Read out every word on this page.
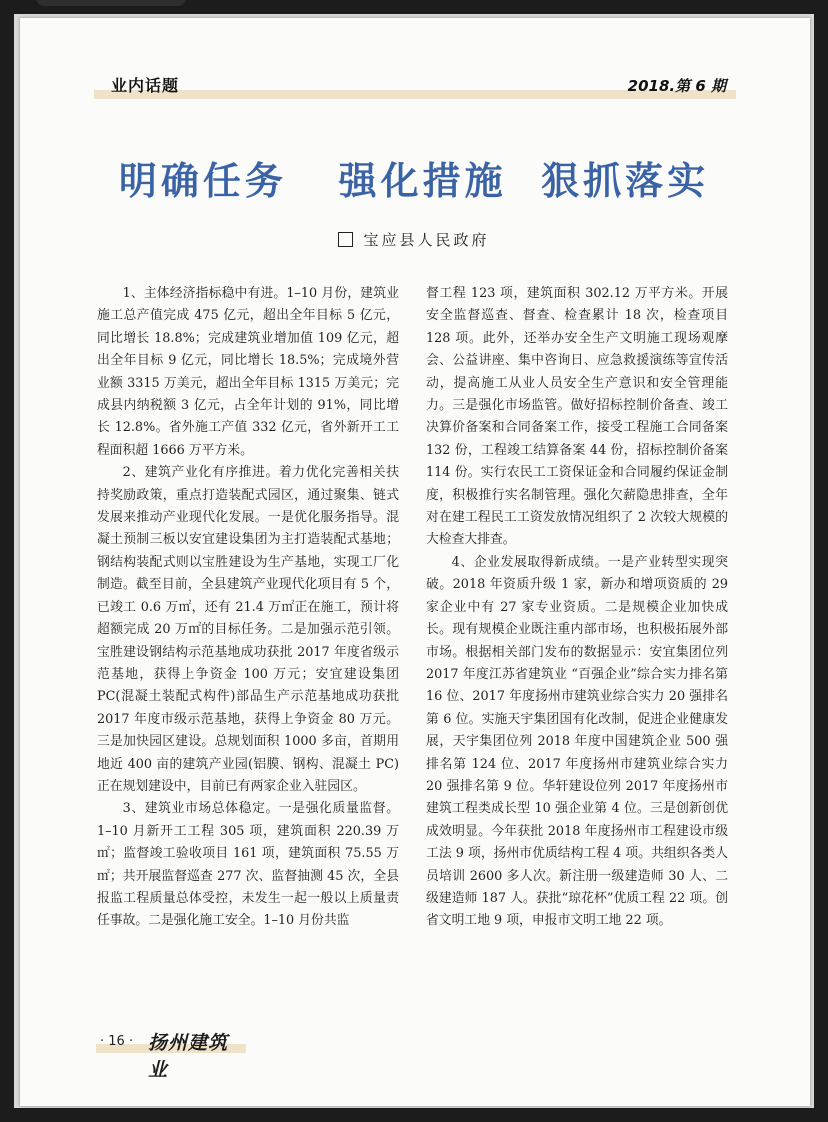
业内话题	2018.第 6 期
明确任务   强化措施  狠抓落实
宝应县人民政府

1、主体经济指标稳中有进。1–10 月份，建筑业施工总产值完成 475 亿元，超出全年目标 5 亿元，同比增长 18.8%；完成建筑业增加值 109 亿元，超出全年目标 9 亿元，同比增长 18.5%；完成境外营业额 3315 万美元，超出全年目标 1315 万美元；完成县内纳税额 3 亿元，占全年计划的 91%，同比增长 12.8%。省外施工产值 332 亿元，省外新开工工程面积超 1666 万平方米。

2、建筑产业化有序推进。着力优化完善相关扶持奖励政策，重点打造装配式园区，通过聚集、链式发展来推动产业现代化发展。一是优化服务指导。混凝土预制三板以安宜建设集团为主打造装配式基地；钢结构装配式则以宝胜建设为生产基地，实现工厂化制造。截至目前，全县建筑产业现代化项目有 5 个，已竣工 0.6 万㎡，还有 21.4 万㎡正在施工，预计将超额完成 20 万㎡的目标任务。二是加强示范引领。宝胜建设钢结构示范基地成功获批 2017 年度省级示范基地，获得上争资金 100 万元；安宜建设集团 PC(混凝土装配式构件)部品生产示范基地成功获批 2017 年度市级示范基地，获得上争资金 80 万元。三是加快园区建设。总规划面积 1000 多亩，首期用地近 400 亩的建筑产业园(铝膜、钢构、混凝土 PC)正在规划建设中，目前已有两家企业入驻园区。

3、建筑业市场总体稳定。一是强化质量监督。1–10 月新开工工程 305 项，建筑面积 220.39 万㎡；监督竣工验收项目 161 项，建筑面积 75.55 万㎡；共开展监督巡查 277 次、监督抽测 45 次，全县报监工程质量总体受控，未发生一起一般以上质量责任事故。二是强化施工安全。1–10 月份共监

督工程 123 项，建筑面积 302.12 万平方米。开展安全监督巡查、督查、检查累计 18 次，检查项目 128 项。此外，还举办安全生产文明施工现场观摩会、公益讲座、集中咨询日、应急救援演练等宣传活动，提高施工从业人员安全生产意识和安全管理能力。三是强化市场监管。做好招标控制价备查、竣工决算价备案和合同备案工作，接受工程施工合同备案 132 份，工程竣工结算备案 44 份，招标控制价备案 114 份。实行农民工工资保证金和合同履约保证金制度，积极推行实名制管理。强化欠薪隐患排查，全年对在建工程民工工资发放情况组织了 2 次较大规模的大检查大排查。

4、企业发展取得新成绩。一是产业转型实现突破。2018 年资质升级 1 家，新办和增项资质的 29 家企业中有 27 家专业资质。二是规模企业加快成长。现有规模企业既注重内部市场，也积极拓展外部市场。根据相关部门发布的数据显示：安宜集团位列 2017 年度江苏省建筑业 “百强企业”综合实力排名第 16 位、2017 年度扬州市建筑业综合实力 20 强排名第 6 位。实施天宇集团国有化改制，促进企业健康发展，天宇集团位列 2018 年度中国建筑企业 500 强排名第 124 位、2017 年度扬州市建筑业综合实力 20 强排名第 9 位。华轩建设位列 2017 年度扬州市建筑工程类成长型 10 强企业第 4 位。三是创新创优成效明显。今年获批 2018 年度扬州市工程建设市级工法 9 项，扬州市优质结构工程 4 项。共组织各类人员培训 2600 多人次。新注册一级建造师 30 人、二级建造师 187 人。获批“琼花杯”优质工程 22 项。创省文明工地 9 项，申报市文明工地 22 项。

· 16 · 扬州建筑业
